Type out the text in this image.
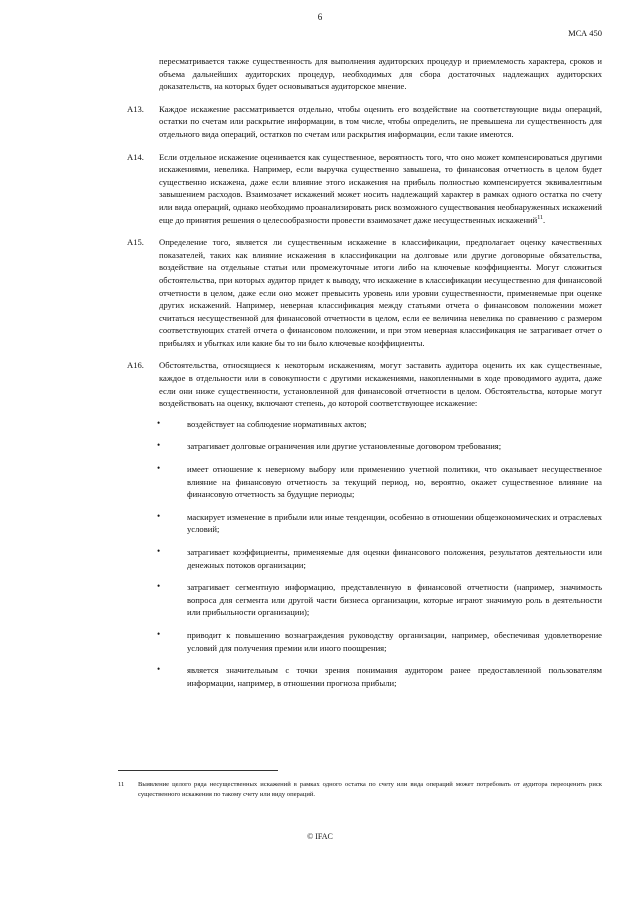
6
МСА 450

пересматривается также существенность для выполнения аудиторских процедур и приемлемость характера, сроков и объема дальнейших аудиторских процедур, необходимых для сбора достаточных надлежащих аудиторских доказательств, на которых будет основываться аудиторское мнение.

A13. Каждое искажение рассматривается отдельно, чтобы оценить его воздействие на соответствующие виды операций, остатки по счетам или раскрытие информации, в том числе, чтобы определить, не превышена ли существенность для отдельного вида операций, остатков по счетам или раскрытия информации, если такие имеются.
A14. Если отдельное искажение оценивается как существенное, вероятность того, что оно может компенсироваться другими искажениями, невелика. Например, если выручка существенно завышена, то финансовая отчетность в целом будет существенно искажена, даже если влияние этого искажения на прибыль полностью компенсируется эквивалентным завышением расходов. Взаимозачет искажений может носить надлежащий характер в рамках одного остатка по счету или вида операций, однако необходимо проанализировать риск возможного существования необнаруженных искажений еще до принятия решения о целесообразности провести взаимозачет даже несущественных искажений$^{11}$.
A15. Определение того, является ли существенным искажение в классификации, предполагает оценку качественных показателей, таких как влияние искажения в классификации на долговые или другие договорные обязательства, воздействие на отдельные статьи или промежуточные итоги либо на ключевые коэффициенты. Могут сложиться обстоятельства, при которых аудитор придет к выводу, что искажение в классификации несущественно для финансовой отчетности в целом, даже если оно может превысить уровень или уровни существенности, применяемые при оценке других искажений. Например, неверная классификация между статьями отчета о финансовом положении может считаться несущественной для финансовой отчетности в целом, если ее величина невелика по сравнению с размером соответствующих статей отчета о финансовом положении, и при этом неверная классификация не затрагивает отчет о прибылях и убытках или какие бы то ни было ключевые коэффициенты.
A16. Обстоятельства, относящиеся к некоторым искажениям, могут заставить аудитора оценить их как существенные, каждое в отдельности или в совокупности с другими искажениями, накопленными в ходе проводимого аудита, даже если они ниже существенности, установленной для финансовой отчетности в целом. Обстоятельства, которые могут воздействовать на оценку, включают степень, до которой соответствующее искажение:
•	воздействует на соблюдение нормативных актов;
•	затрагивает долговые ограничения или другие установленные договором требования;
•	имеет отношение к неверному выбору или применению учетной политики, что оказывает несущественное влияние на финансовую отчетность за текущий период, но, вероятно, окажет существенное влияние на финансовую отчетность за будущие периоды;
•	маскирует изменение в прибыли или иные тенденции, особенно в отношении общеэкономических и отраслевых условий;
•	затрагивает коэффициенты, применяемые для оценки финансового положения, результатов деятельности или денежных потоков организации;
•	затрагивает сегментную информацию, представленную в финансовой отчетности (например, значимость вопроса для сегмента или другой части бизнеса организации, которые играют значимую роль в деятельности или прибыльности организации);
•	приводит к повышению вознаграждения руководству организации, например, обеспечивая удовлетворение условий для получения премии или иного поощрения;
•	является значительным с точки зрения понимания аудитором ранее предоставленной пользователям информации, например, в отношении прогноза прибыли;
11	Выявление целого ряда несущественных искажений в рамках одного остатка по счету или вида операций может потребовать от аудитора переоценить риск существенного искажения по такому счету или виду операций.
© IFAC
